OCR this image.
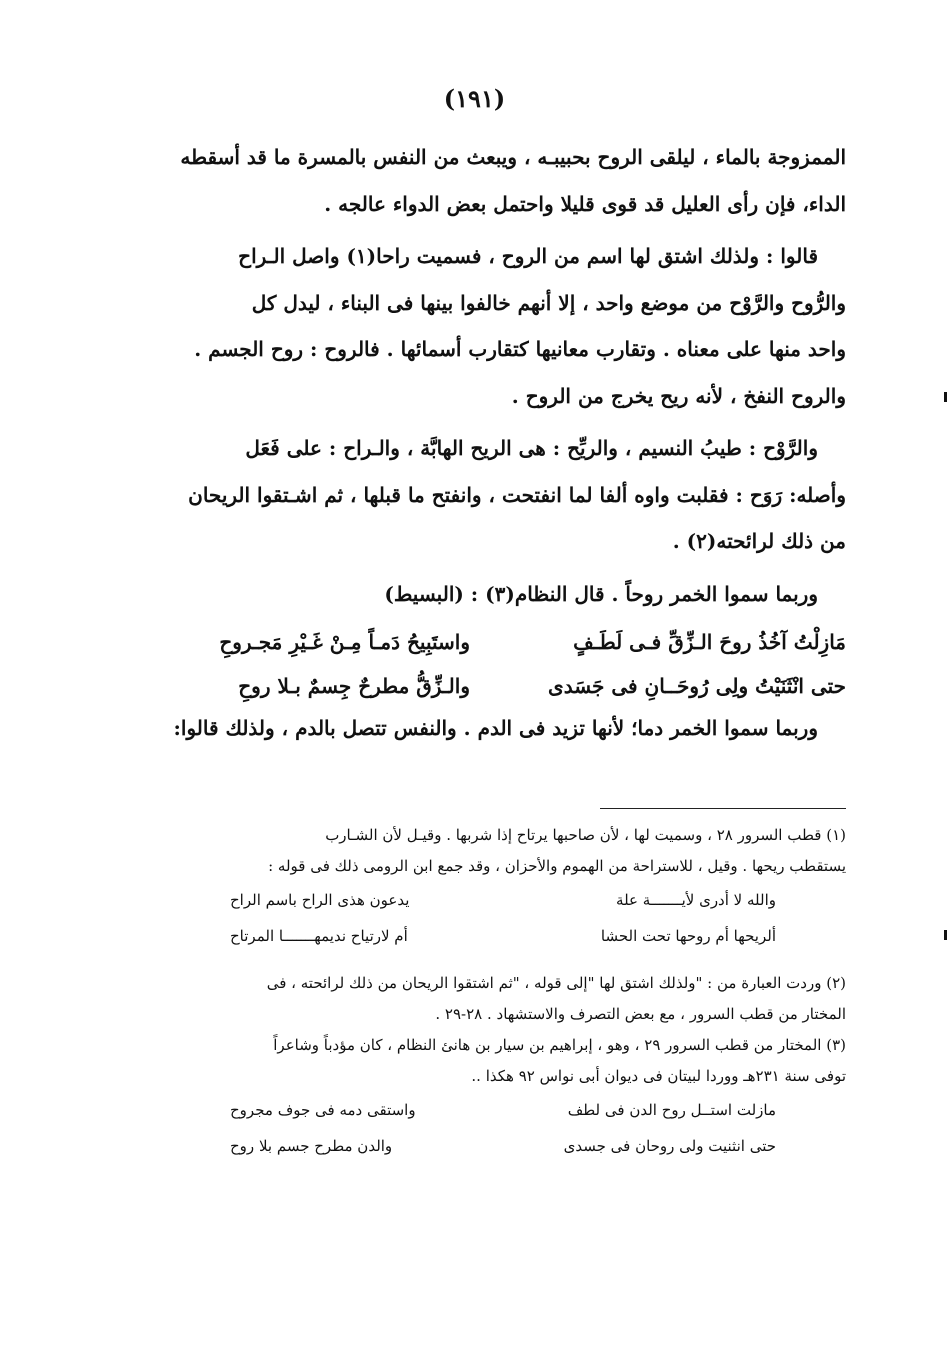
(١٩١)

الممزوجة بالماء ، ليلقى الروح بحبيبـه ، ويبعث من النفس بالمسرة ما قد أسقطه

الداء، فإن رأى العليل قد قوى قليلا واحتمل بعض الدواء عالجه .

قالوا : ولذلك اشتق لها اسم من الروح ، فسميت راحا(١) واصل الـراح

والرُّوح والرَّوْح من موضع واحد ، إلا أنهم خالفوا بينها فى البناء ، ليدل كل

واحد منها على معناه . وتقارب معانيها كتقارب أسمائها . فالروح : روح الجسم .

والروح النفخ ، لأنه ريح يخرج من الروح .

والرَّوْح : طيبُ النسيم ، والريِّح : هى الريح الهابَّة ، والـراح : على فَعَل

وأصله: رَوَح : فقلبت واوه ألفا لما انفتحت ، وانفتح ما قبلها ، ثم اشـتقوا الريحان

من ذلك لرائحته(٢) .

وربما سموا الخمر روحاً . قال النظام(٣) : (البسيط)

مَازِلْتُ آخُذُ روحَ الـزِّقِّ فـى لَطَـفٍ
واستَبِيحُ دَمـاً مِـنْ غَـيْرِ مَجـروحِ
حتى انْثَنَيْتُ ولِى رُوحَــانِ فى جَسَدى
والـزِّقُّ مطرحٌ جِسمٌ بـلا روحِ

وربما سموا الخمر دما؛ لأنها تزيد فى الدم . والنفس تتصل بالدم ، ولذلك قالوا:

(١) قطب السرور ٢٨ ، وسميت لها ، لأن صاحبها يرتاح إذا شربها . وقيـل لأن الشـارب

يستقطب ريحها . وقيل ، للاستراحة من الهموم والأحزان ، وقد جمع ابن الرومى ذلك فى قوله :

والله لا أدرى لأيـــــــة علة
يدعون هذى الراح باسم الراح
ألريحها أم روحها تحت الحشا
أم لارتياح نديمهـــــــا المرتاح

(٢) وردت العبارة من : "ولذلك اشتق لها "إلى قوله ، "ثم اشتقوا الريحان من ذلك لرائحته ، فى

المختار من قطب السرور ، مع بعض التصرف والاستشهاد . ٢٨-٢٩ .

(٣) المختار من قطب السرور ٢٩ ، وهو ، إبراهيم بن سيار بن هانئ النظام ، كان مؤدباً وشاعراً

توفى سنة ٢٣١هـ ووردا لبيتان فى ديوان أبى نواس ٩٢ هكذا ..

مازلت استــل روح الدن فى لطف
واستقى دمه فى جوف مجروح
حتى انثنيت ولى روحان فى جسدى
والدن مطرح جسم بلا روح
